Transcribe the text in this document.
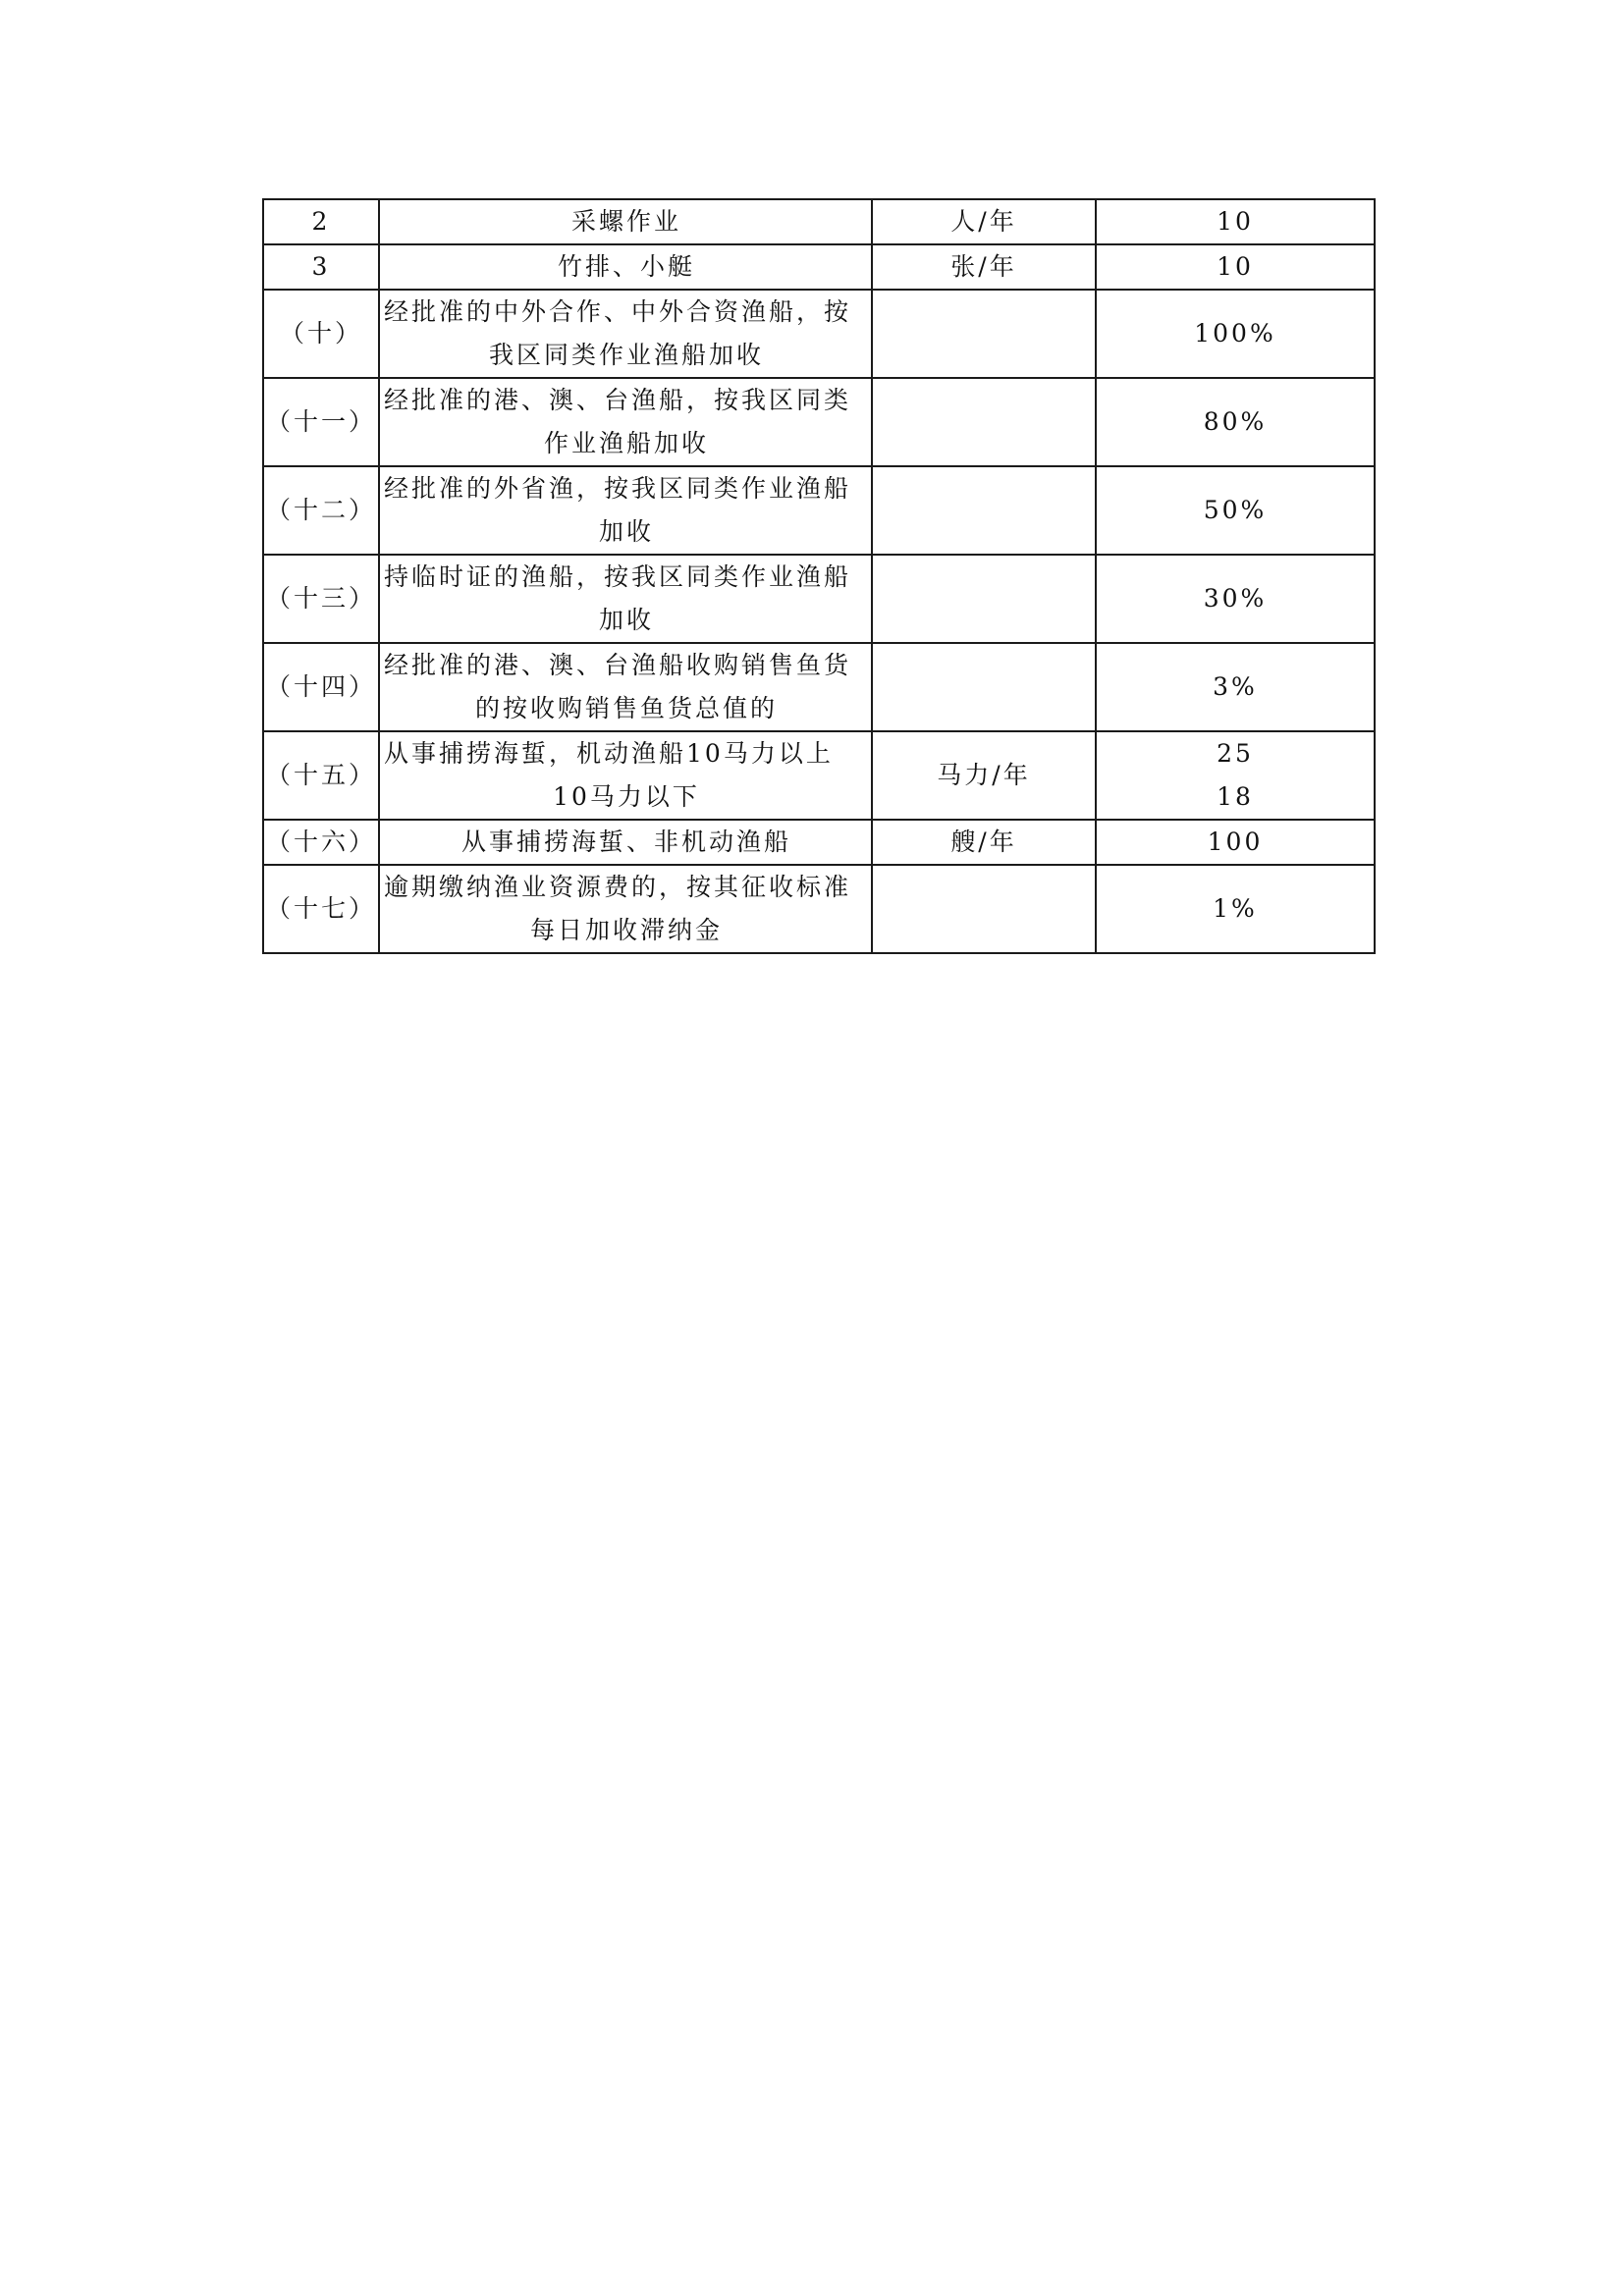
2	采螺作业	人/年	10

3	竹排、小艇	张/年	10

（十）	经批准的中外合作、中外合资渔船，按
我区同类作业渔船加收		100%

（十一）	经批准的港、澳、台渔船，按我区同类
作业渔船加收		80%

（十二）	经批准的外省渔，按我区同类作业渔船
加收		50%

（十三）	持临时证的渔船，按我区同类作业渔船
加收		30%

（十四）	经批准的港、澳、台渔船收购销售鱼货
的按收购销售鱼货总值的		3%

（十五）	从事捕捞海蜇，机动渔船10马力以上
10马力以下	马力/年	25
18

（十六）	从事捕捞海蜇、非机动渔船	艘/年	100

（十七）	逾期缴纳渔业资源费的，按其征收标准
每日加收滞纳金		1%
